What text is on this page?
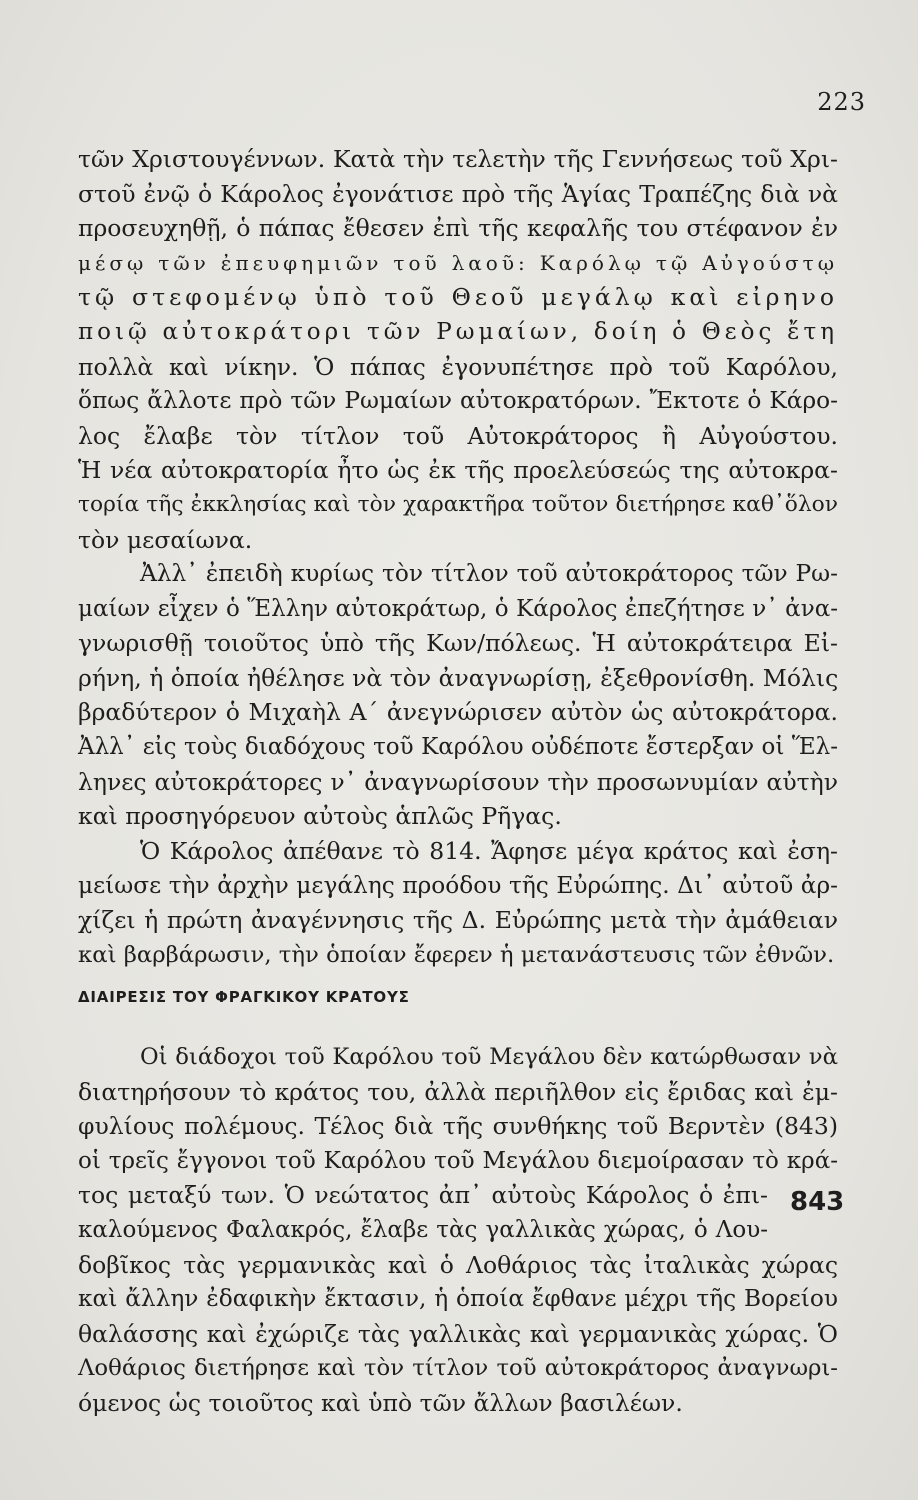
223
τῶν Χριστουγέννων. Κατὰ τὴν τελετὴν τῆς Γεννήσεως τοῦ Χρι-
στοῦ ἐνῷ ὁ Κάρολος ἐγονάτισε πρὸ τῆς Ἁγίας Τραπέζης διὰ νὰ
προσευχηθῇ, ὁ πάπας ἔθεσεν ἐπὶ τῆς κεφαλῆς του στέφανον ἐν
μέσῳ τῶν ἐπευφημιῶν τοῦ λαοῦ: Καρόλῳ τῷ Αὐγούστῳ
τῷ στεφομένῳ ὑπὸ τοῦ Θεοῦ μεγάλῳ καὶ εἰρηνο
ποιῷ αὐτοκράτορι τῶν Ρωμαίων, δοίη ὁ Θεὸς ἔτη
πολλὰ καὶ νίκην. Ὁ πάπας ἐγονυπέτησε πρὸ τοῦ Καρόλου,
ὅπως ἄλλοτε πρὸ τῶν Ρωμαίων αὐτοκρατόρων. Ἔκτοτε ὁ Κάρο-
λος ἔλαβε τὸν τίτλον τοῦ Αὐτοκράτορος ἢ Αὐγούστου.
Ἡ νέα αὐτοκρατορία ἦτο ὡς ἐκ τῆς προελεύσεώς της αὐτοκρα-
τορία τῆς ἐκκλησίας καὶ τὸν χαρακτῆρα τοῦτον διετήρησε καθ᾿ὅλον
τὸν μεσαίωνα.
Ἀλλ᾿ ἐπειδὴ κυρίως τὸν τίτλον τοῦ αὐτοκράτορος τῶν Ρω-
μαίων εἶχεν ὁ Ἕλλην αὐτοκράτωρ, ὁ Κάρολος ἐπεζήτησε ν᾿ ἀνα-
γνωρισθῇ τοιοῦτος ὑπὸ τῆς Κων/πόλεως. Ἡ αὐτοκράτειρα Εἰ-
ρήνη, ἡ ὁποία ἠθέλησε νὰ τὸν ἀναγνωρίσῃ, ἐξεθρονίσθη. Μόλις
βραδύτερον ὁ Μιχαὴλ Α΄ ἀνεγνώρισεν αὐτὸν ὡς αὐτοκράτορα.
Ἀλλ᾿ εἰς τοὺς διαδόχους τοῦ Καρόλου οὐδέποτε ἔστερξαν οἱ Ἕλ-
ληνες αὐτοκράτορες ν᾿ ἀναγνωρίσουν τὴν προσωνυμίαν αὐτὴν
καὶ προσηγόρευον αὐτοὺς ἁπλῶς Ρῆγας.
Ὁ Κάρολος ἀπέθανε τὸ 814. Ἄφησε μέγα κράτος καὶ ἐση-
μείωσε τὴν ἀρχὴν μεγάλης προόδου τῆς Εὐρώπης. Δι᾿ αὐτοῦ ἀρ-
χίζει ἡ πρώτη ἀναγέννησις τῆς Δ. Εὐρώπης μετὰ τὴν ἀμάθειαν
καὶ βαρβάρωσιν, τὴν ὁποίαν ἔφερεν ἡ μετανάστευσις τῶν ἐθνῶν.
ΔΙΑΙΡΕΣΙΣ ΤΟΥ ΦΡΑΓΚΙΚΟΥ ΚΡΑΤΟΥΣ
Οἱ διάδοχοι τοῦ Καρόλου τοῦ Μεγάλου δὲν κατώρθωσαν νὰ
διατηρήσουν τὸ κράτος του, ἀλλὰ περιῆλθον εἰς ἔριδας καὶ ἐμ-
φυλίους πολέμους. Τέλος διὰ τῆς συνθήκης τοῦ Βερντὲν (843)
οἱ τρεῖς ἔγγονοι τοῦ Καρόλου τοῦ Μεγάλου διεμοίρασαν τὸ κρά-
τος μεταξύ των. Ὁ νεώτατος ἀπ᾿ αὐτοὺς Κάρολος ὁ ἐπι-
καλούμενος Φαλακρός, ἔλαβε τὰς γαλλικὰς χώρας, ὁ Λου-
δοβῖκος τὰς γερμανικὰς καὶ ὁ Λοθάριος τὰς ἰταλικὰς χώρας
καὶ ἄλλην ἐδαφικὴν ἔκτασιν, ἡ ὁποία ἔφθανε μέχρι τῆς Βορείου
θαλάσσης καὶ ἐχώριζε τὰς γαλλικὰς καὶ γερμανικὰς χώρας. Ὁ
Λοθάριος διετήρησε καὶ τὸν τίτλον τοῦ αὐτοκράτορος ἀναγνωρι-
όμενος ὡς τοιοῦτος καὶ ὑπὸ τῶν ἄλλων βασιλέων.
843
